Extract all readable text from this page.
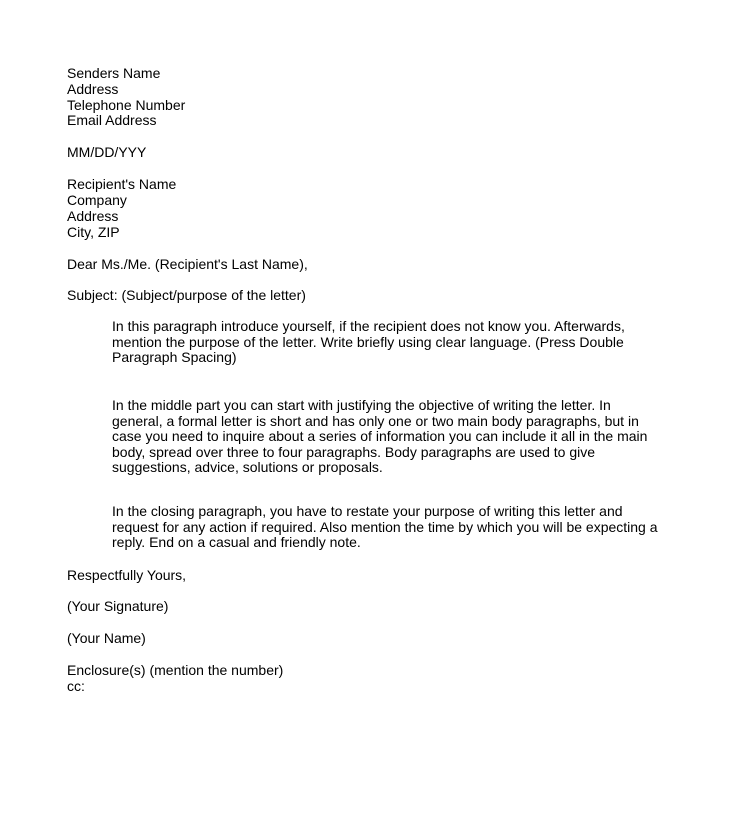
Senders Name
Address
Telephone Number
Email Address
MM/DD/YYY
Recipient's Name
Company
Address
City, ZIP
Dear Ms./Me. (Recipient's Last Name),
Subject: (Subject/purpose of the letter)
In this paragraph introduce yourself, if the recipient does not know you. Afterwards,
mention the purpose of the letter. Write briefly using clear language. (Press Double
Paragraph Spacing)
In the middle part you can start with justifying the objective of writing the letter. In
general, a formal letter is short and has only one or two main body paragraphs, but in
case you need to inquire about a series of information you can include it all in the main
body, spread over three to four paragraphs. Body paragraphs are used to give
suggestions, advice, solutions or proposals.
In the closing paragraph, you have to restate your purpose of writing this letter and
request for any action if required. Also mention the time by which you will be expecting a
reply. End on a casual and friendly note.
Respectfully Yours,
(Your Signature)
(Your Name)
Enclosure(s) (mention the number)
cc:
